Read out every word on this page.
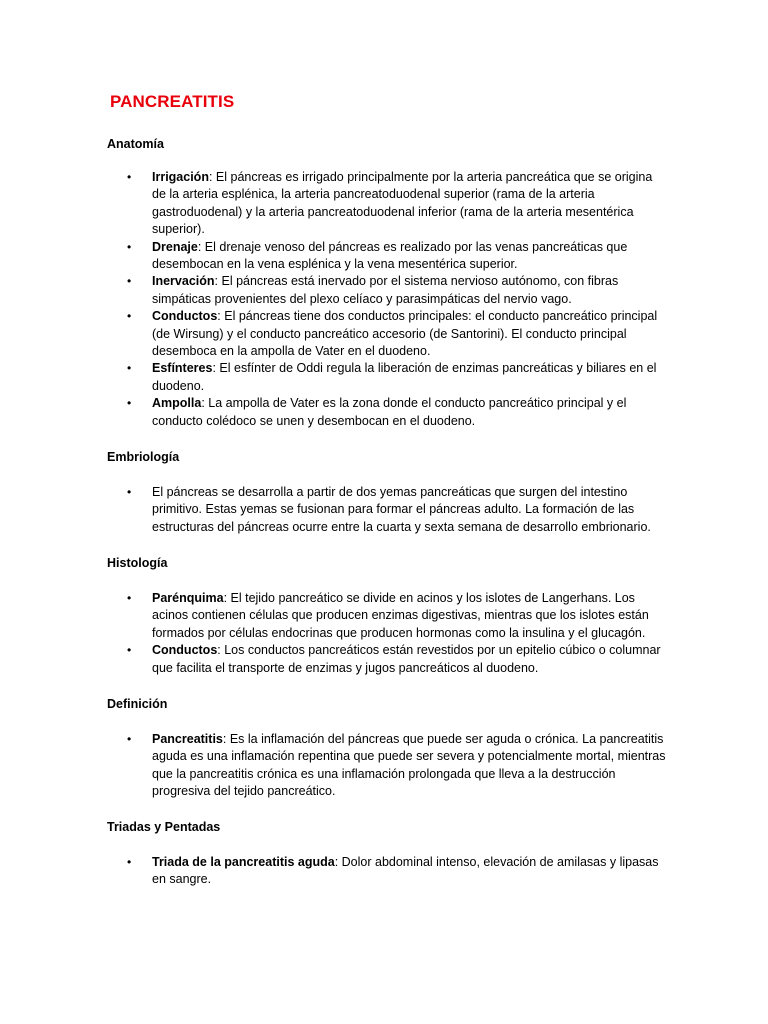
PANCREATITIS
Anatomía
• Irrigación: El páncreas es irrigado principalmente por la arteria pancreática que se origina de la arteria esplénica, la arteria pancreatoduodenal superior (rama de la arteria gastroduodenal) y la arteria pancreatoduodenal inferior (rama de la arteria mesentérica superior).
• Drenaje: El drenaje venoso del páncreas es realizado por las venas pancreáticas que desembocan en la vena esplénica y la vena mesentérica superior.
• Inervación: El páncreas está inervado por el sistema nervioso autónomo, con fibras simpáticas provenientes del plexo celíaco y parasimpáticas del nervio vago.
• Conductos: El páncreas tiene dos conductos principales: el conducto pancreático principal (de Wirsung) y el conducto pancreático accesorio (de Santorini). El conducto principal desemboca en la ampolla de Vater en el duodeno.
• Esfínteres: El esfínter de Oddi regula la liberación de enzimas pancreáticas y biliares en el duodeno.
• Ampolla: La ampolla de Vater es la zona donde el conducto pancreático principal y el conducto colédoco se unen y desembocan en el duodeno.
Embriología
• El páncreas se desarrolla a partir de dos yemas pancreáticas que surgen del intestino primitivo. Estas yemas se fusionan para formar el páncreas adulto. La formación de las estructuras del páncreas ocurre entre la cuarta y sexta semana de desarrollo embrionario.
Histología
• Parénquima: El tejido pancreático se divide en acinos y los islotes de Langerhans. Los acinos contienen células que producen enzimas digestivas, mientras que los islotes están formados por células endocrinas que producen hormonas como la insulina y el glucagón.
• Conductos: Los conductos pancreáticos están revestidos por un epitelio cúbico o columnar que facilita el transporte de enzimas y jugos pancreáticos al duodeno.
Definición
• Pancreatitis: Es la inflamación del páncreas que puede ser aguda o crónica. La pancreatitis aguda es una inflamación repentina que puede ser severa y potencialmente mortal, mientras que la pancreatitis crónica es una inflamación prolongada que lleva a la destrucción progresiva del tejido pancreático.
Triadas y Pentadas
• Triada de la pancreatitis aguda: Dolor abdominal intenso, elevación de amilasas y lipasas en sangre.
